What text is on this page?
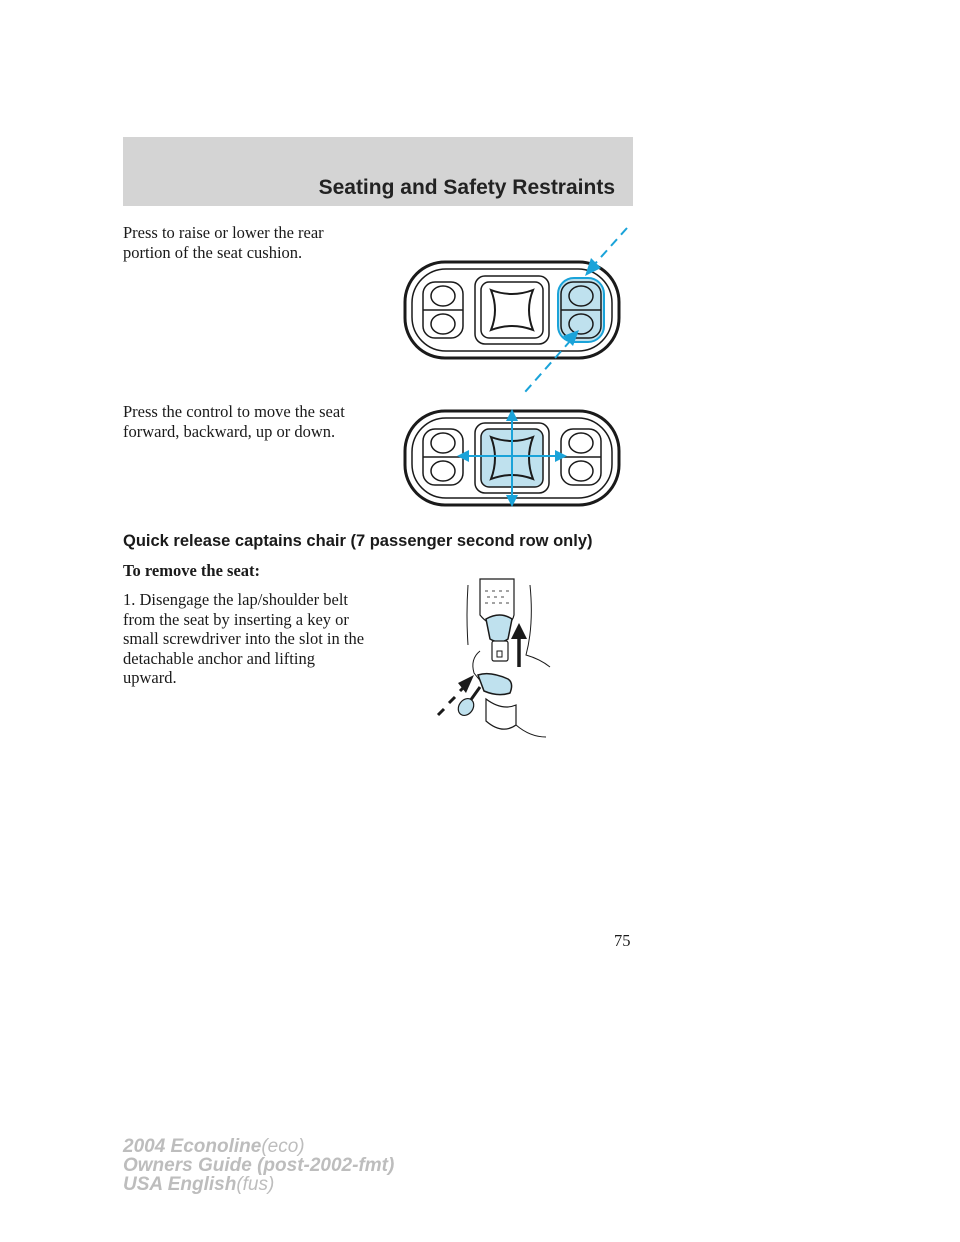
Seating and Safety Restraints

Press to raise or lower the rear
portion of the seat cushion.

Press the control to move the seat
forward, backward, up or down.

Quick release captains chair (7 passenger second row only)

To remove the seat:

1. Disengage the lap/shoulder belt
from the seat by inserting a key or
small screwdriver into the slot in the
detachable anchor and lifting
upward.

75
2004 Econoline(eco)
Owners Guide (post-2002-fmt)
USA English(fus)
